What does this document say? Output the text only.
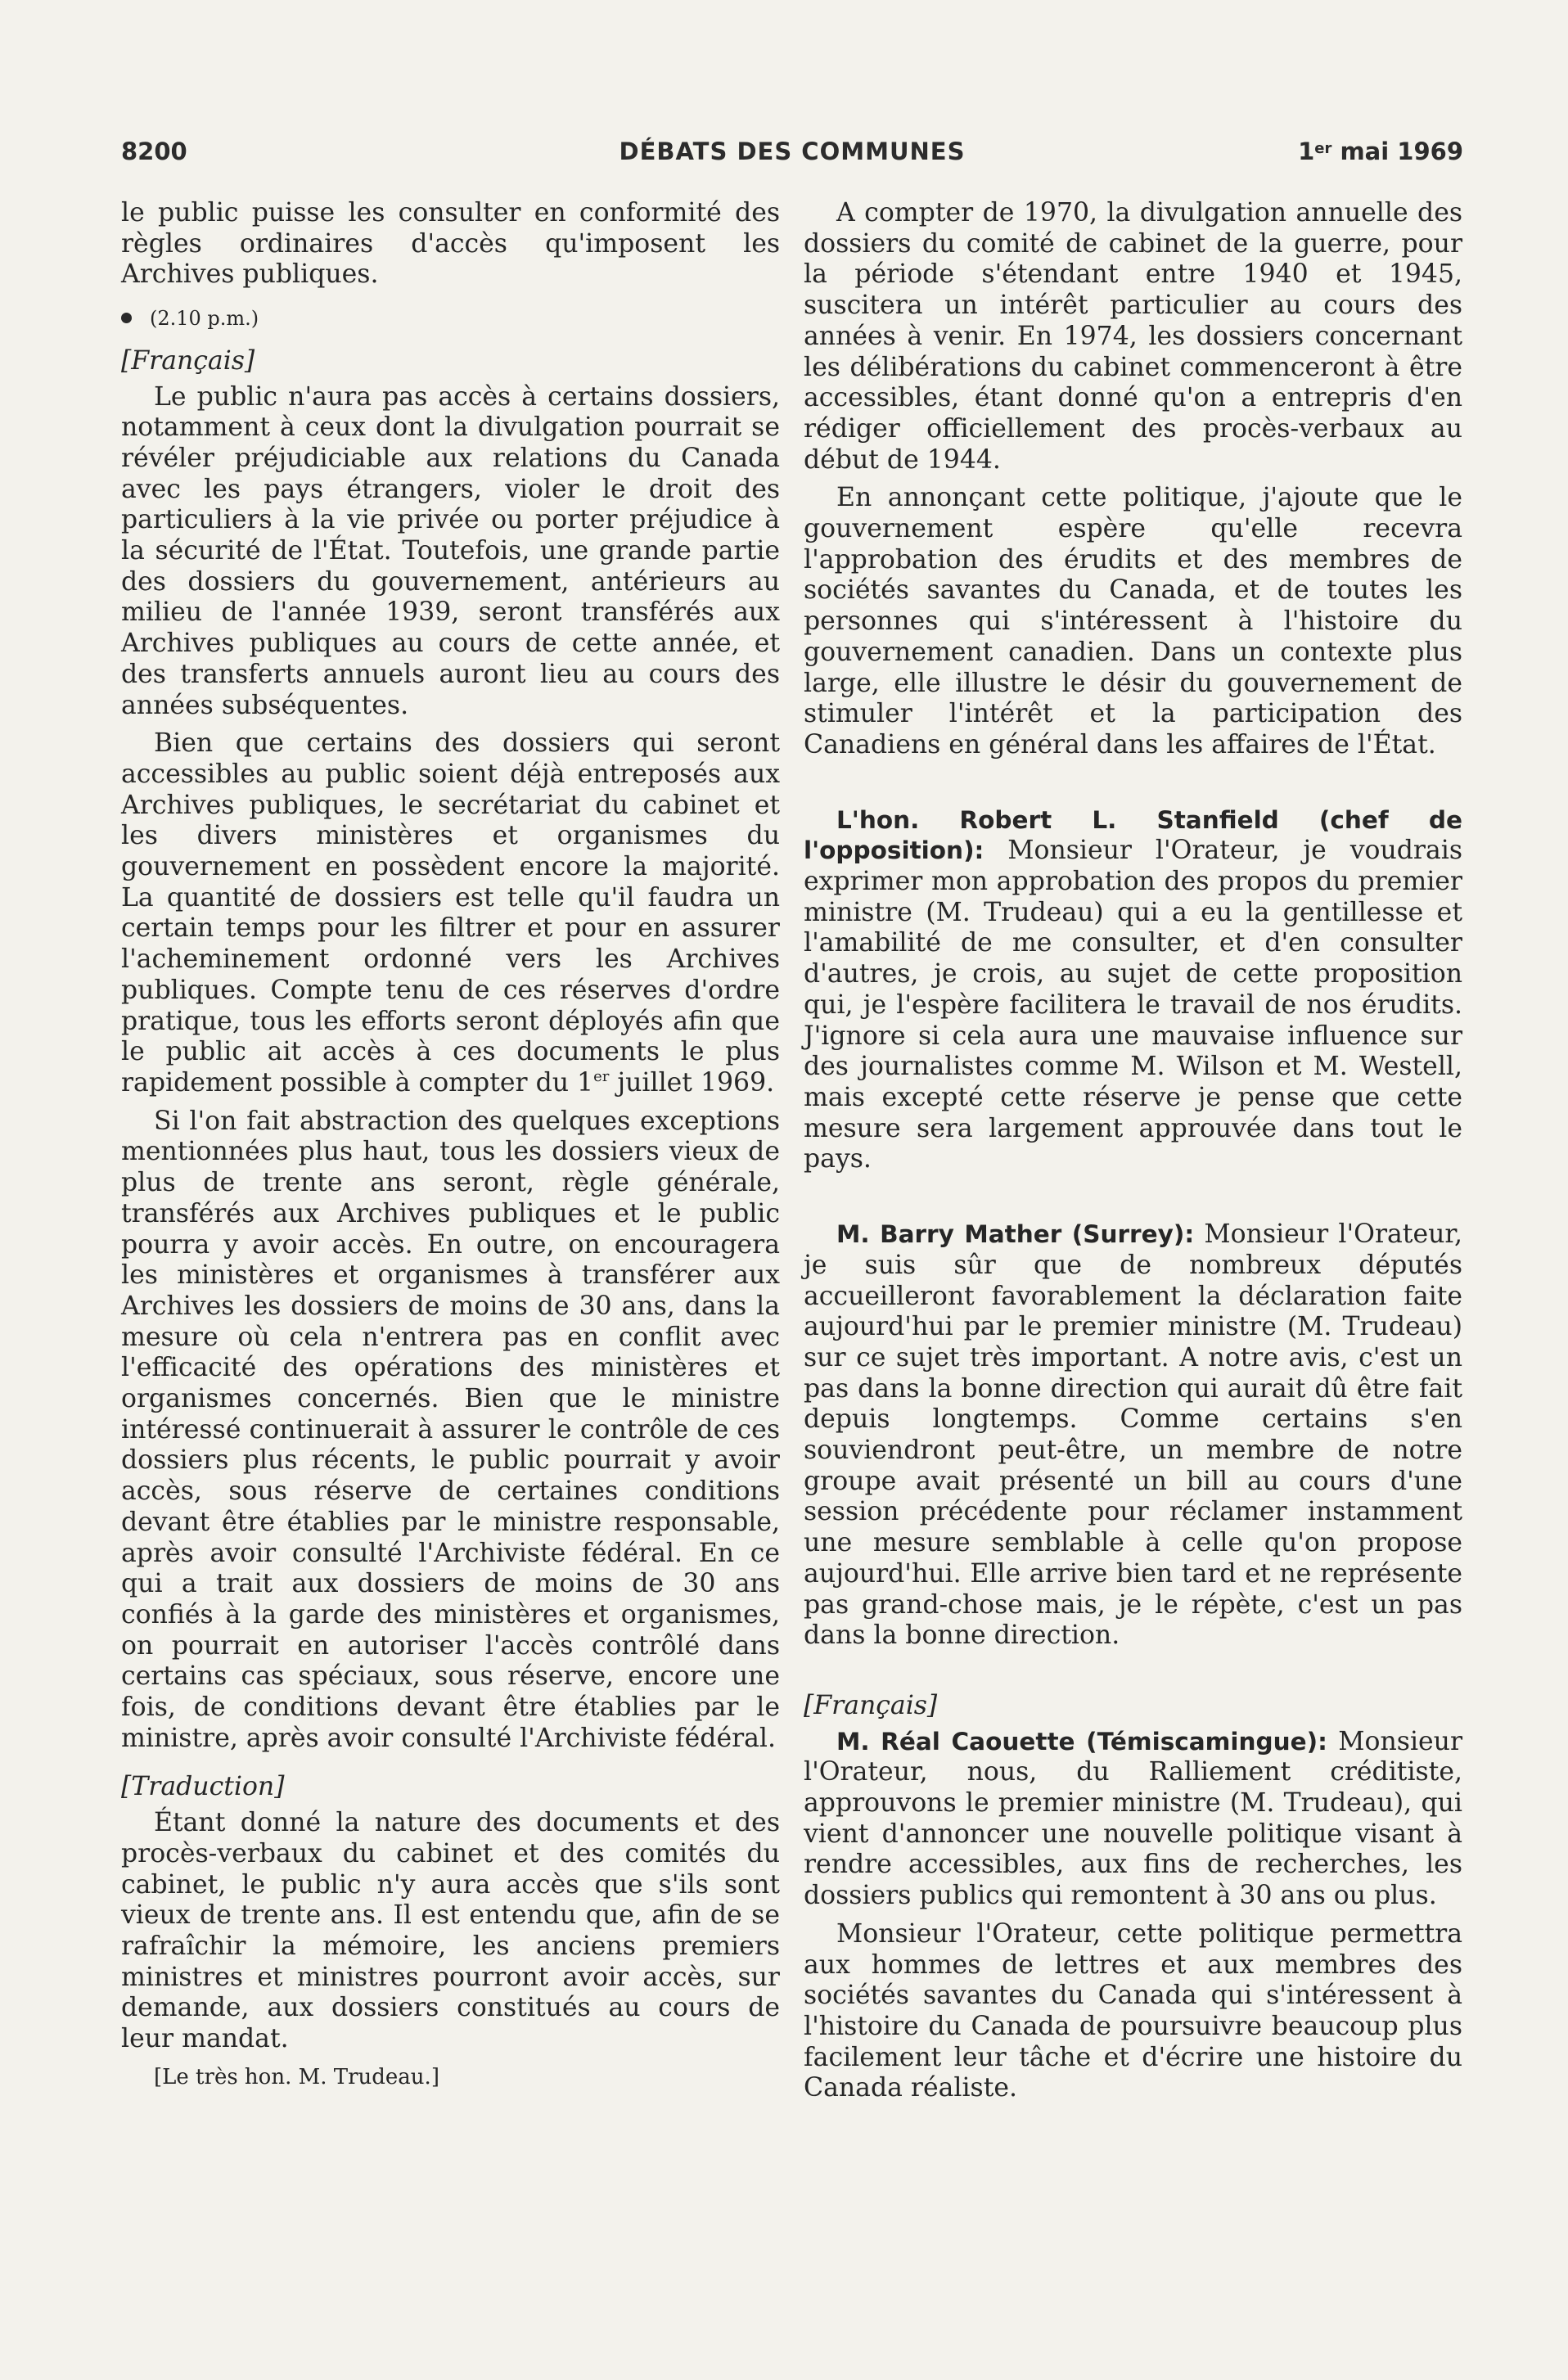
8200	DÉBATS DES COMMUNES	1er mai 1969

le public puisse les consulter en conformité des règles ordinaires d'accès qu'imposent les Archives publiques.

(2.10 p.m.)

[Français]

Le public n'aura pas accès à certains dossiers, notamment à ceux dont la divulgation pourrait se révéler préjudiciable aux relations du Canada avec les pays étrangers, violer le droit des particuliers à la vie privée ou porter préjudice à la sécurité de l'État. Toutefois, une grande partie des dossiers du gouvernement, antérieurs au milieu de l'année 1939, seront transférés aux Archives publiques au cours de cette année, et des transferts annuels auront lieu au cours des années subséquentes.

Bien que certains des dossiers qui seront accessibles au public soient déjà entreposés aux Archives publiques, le secrétariat du cabinet et les divers ministères et organismes du gouvernement en possèdent encore la majorité. La quantité de dossiers est telle qu'il faudra un certain temps pour les filtrer et pour en assurer l'acheminement ordonné vers les Archives publiques. Compte tenu de ces réserves d'ordre pratique, tous les efforts seront déployés afin que le public ait accès à ces documents le plus rapidement possible à compter du 1er juillet 1969.

Si l'on fait abstraction des quelques exceptions mentionnées plus haut, tous les dossiers vieux de plus de trente ans seront, règle générale, transférés aux Archives publiques et le public pourra y avoir accès. En outre, on encouragera les ministères et organismes à transférer aux Archives les dossiers de moins de 30 ans, dans la mesure où cela n'entrera pas en conflit avec l'efficacité des opérations des ministères et organismes concernés. Bien que le ministre intéressé continuerait à assurer le contrôle de ces dossiers plus récents, le public pourrait y avoir accès, sous réserve de certaines conditions devant être établies par le ministre responsable, après avoir consulté l'Archiviste fédéral. En ce qui a trait aux dossiers de moins de 30 ans confiés à la garde des ministères et organismes, on pourrait en autoriser l'accès contrôlé dans certains cas spéciaux, sous réserve, encore une fois, de conditions devant être établies par le ministre, après avoir consulté l'Archiviste fédéral.

[Traduction]

Étant donné la nature des documents et des procès-verbaux du cabinet et des comités du cabinet, le public n'y aura accès que s'ils sont vieux de trente ans. Il est entendu que, afin de se rafraîchir la mémoire, les anciens premiers ministres et ministres pourront avoir accès, sur demande, aux dossiers constitués au cours de leur mandat.

[Le très hon. M. Trudeau.]

A compter de 1970, la divulgation annuelle des dossiers du comité de cabinet de la guerre, pour la période s'étendant entre 1940 et 1945, suscitera un intérêt particulier au cours des années à venir. En 1974, les dossiers concernant les délibérations du cabinet commenceront à être accessibles, étant donné qu'on a entrepris d'en rédiger officiellement des procès-verbaux au début de 1944.

En annonçant cette politique, j'ajoute que le gouvernement espère qu'elle recevra l'approbation des érudits et des membres de sociétés savantes du Canada, et de toutes les personnes qui s'intéressent à l'histoire du gouvernement canadien. Dans un contexte plus large, elle illustre le désir du gouvernement de stimuler l'intérêt et la participation des Canadiens en général dans les affaires de l'État.

L'hon. Robert L. Stanfield (chef de l'opposition): Monsieur l'Orateur, je voudrais exprimer mon approbation des propos du premier ministre (M. Trudeau) qui a eu la gentillesse et l'amabilité de me consulter, et d'en consulter d'autres, je crois, au sujet de cette proposition qui, je l'espère facilitera le travail de nos érudits. J'ignore si cela aura une mauvaise influence sur des journalistes comme M. Wilson et M. Westell, mais excepté cette réserve je pense que cette mesure sera largement approuvée dans tout le pays.

M. Barry Mather (Surrey): Monsieur l'Orateur, je suis sûr que de nombreux députés accueilleront favorablement la déclaration faite aujourd'hui par le premier ministre (M. Trudeau) sur ce sujet très important. A notre avis, c'est un pas dans la bonne direction qui aurait dû être fait depuis longtemps. Comme certains s'en souviendront peut-être, un membre de notre groupe avait présenté un bill au cours d'une session précédente pour réclamer instamment une mesure semblable à celle qu'on propose aujourd'hui. Elle arrive bien tard et ne représente pas grand-chose mais, je le répète, c'est un pas dans la bonne direction.

[Français]

M. Réal Caouette (Témiscamingue): Monsieur l'Orateur, nous, du Ralliement créditiste, approuvons le premier ministre (M. Trudeau), qui vient d'annoncer une nouvelle politique visant à rendre accessibles, aux fins de recherches, les dossiers publics qui remontent à 30 ans ou plus.

Monsieur l'Orateur, cette politique permettra aux hommes de lettres et aux membres des sociétés savantes du Canada qui s'intéressent à l'histoire du Canada de poursuivre beaucoup plus facilement leur tâche et d'écrire une histoire du Canada réaliste.
